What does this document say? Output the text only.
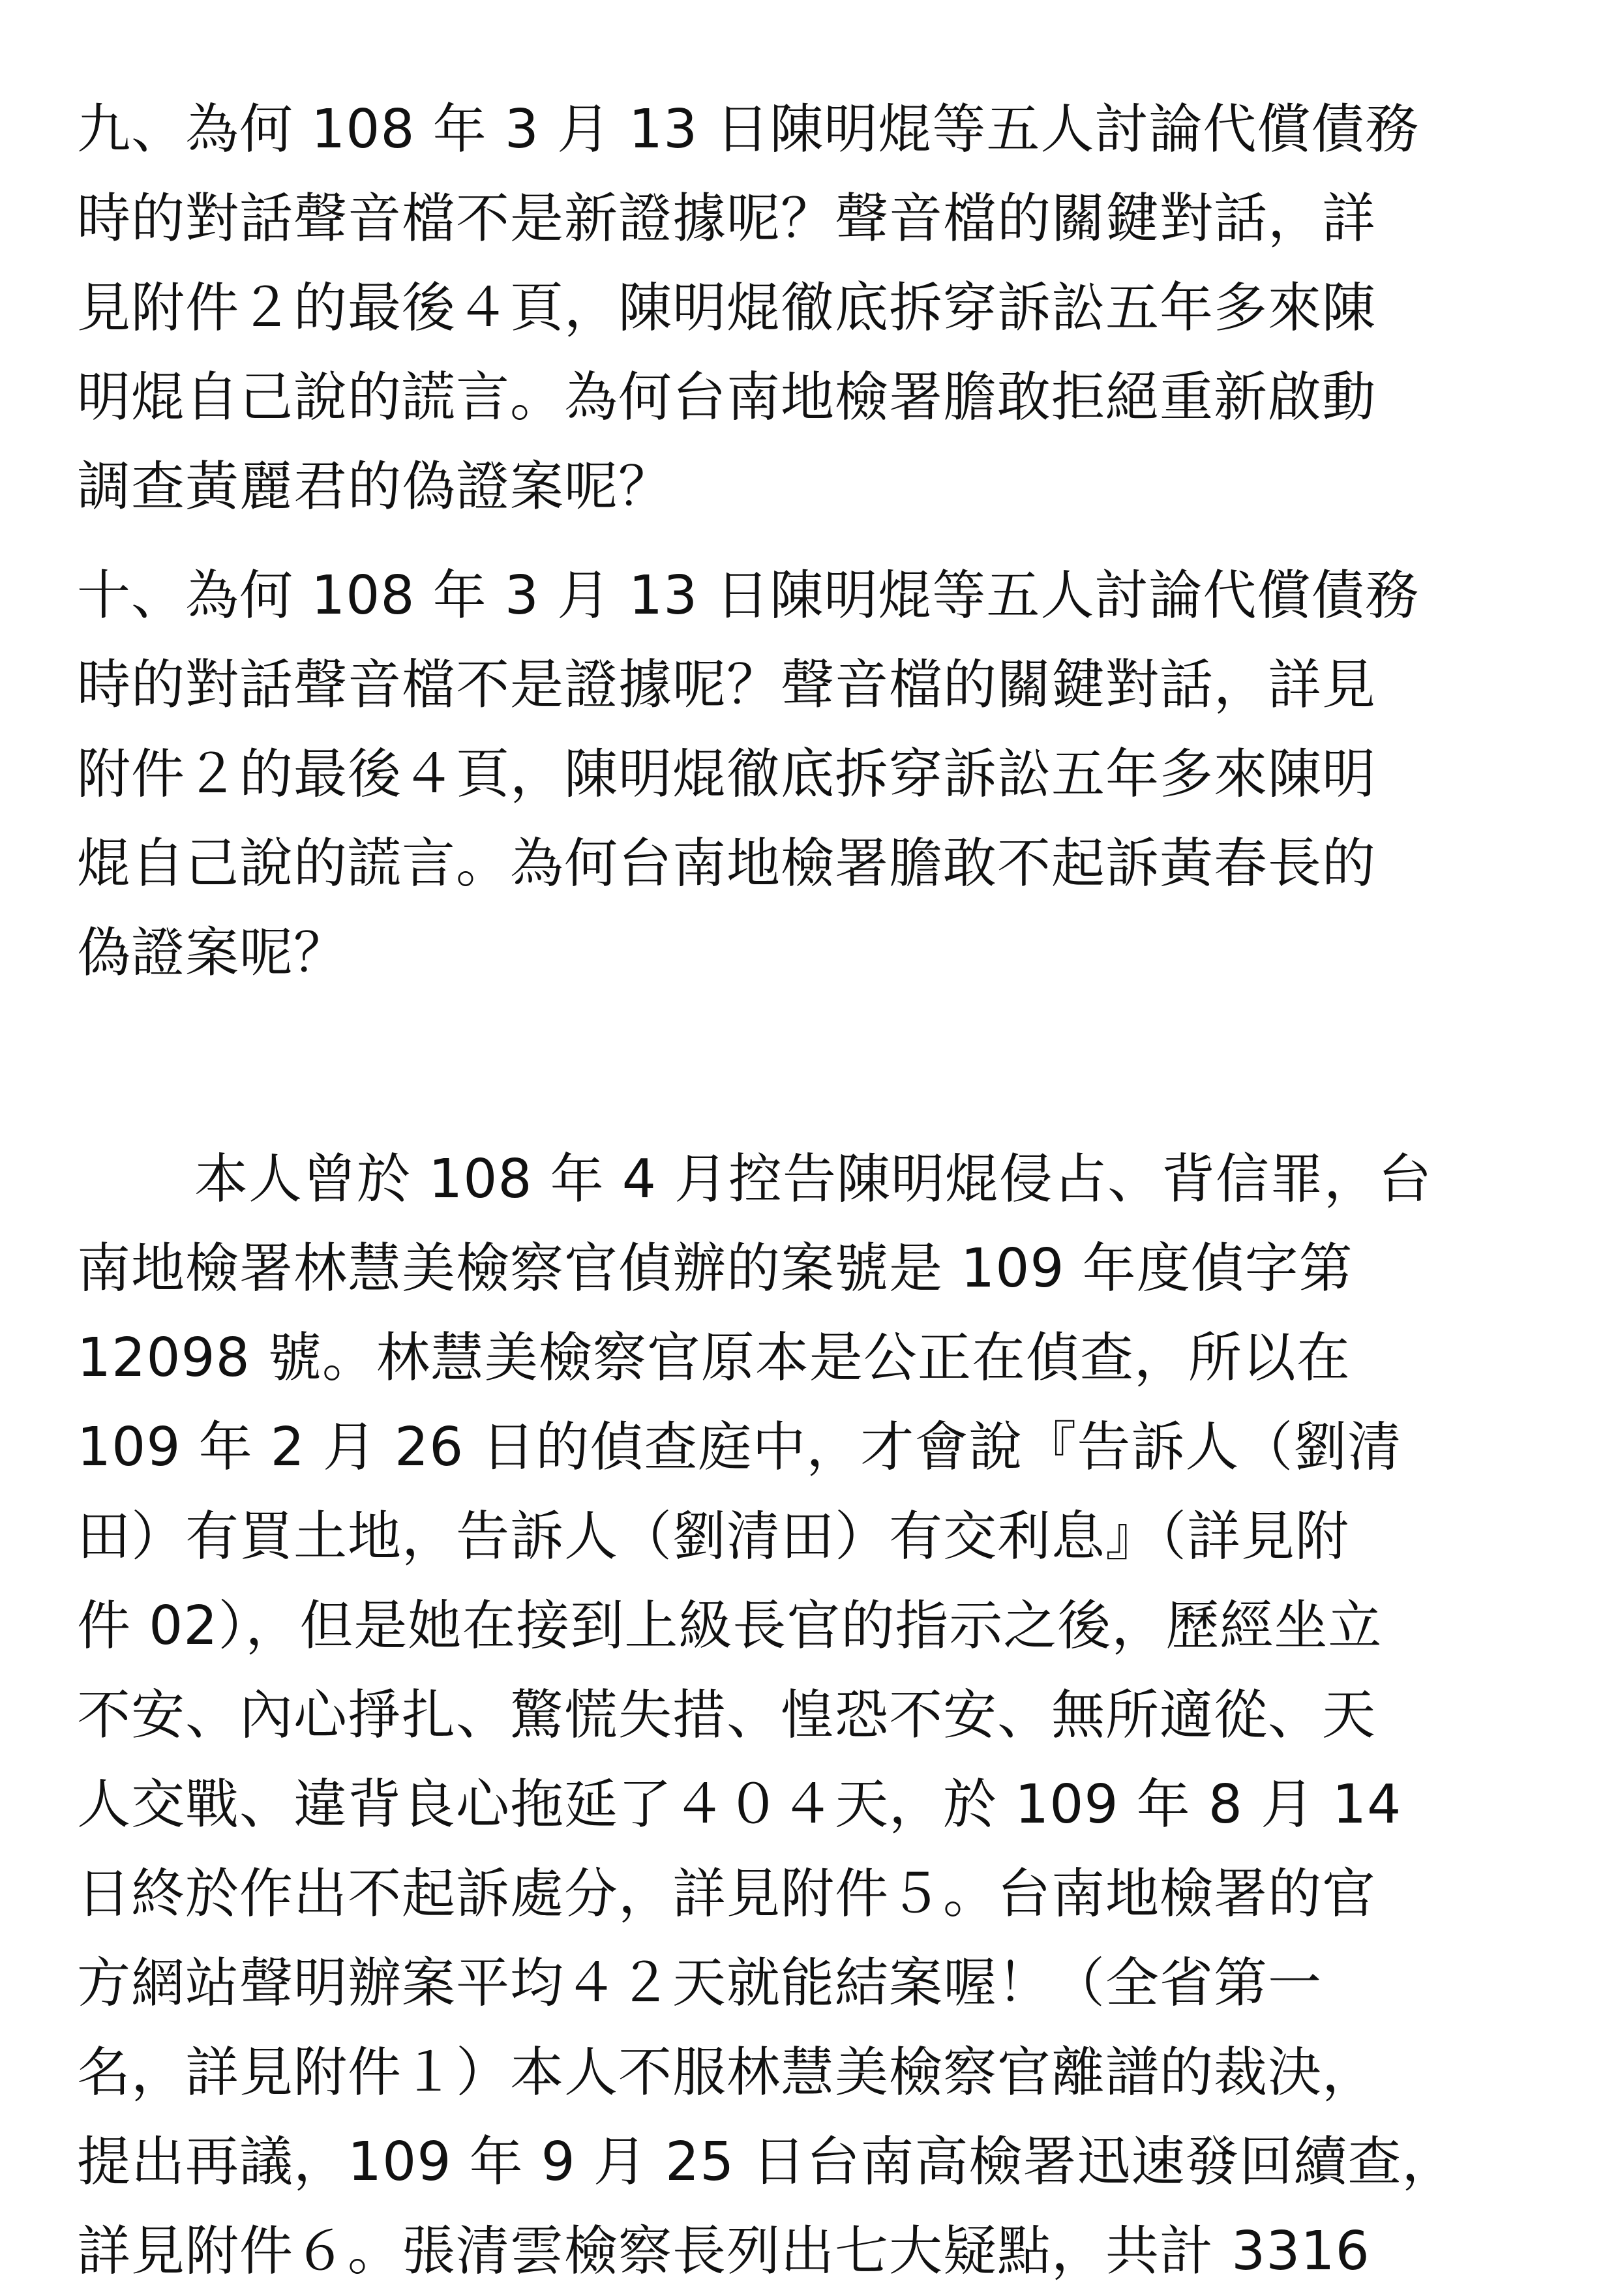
九、為何 108 年 3 月 13 日陳明焜等五人討論代償債務
時的對話聲音檔不是新證據呢？聲音檔的關鍵對話，詳
見附件２的最後４頁，陳明焜徹底拆穿訴訟五年多來陳
明焜自己說的謊言。為何台南地檢署膽敢拒絕重新啟動
調查黃麗君的偽證案呢？

十、為何 108 年 3 月 13 日陳明焜等五人討論代償債務
時的對話聲音檔不是證據呢？聲音檔的關鍵對話，詳見
附件２的最後４頁，陳明焜徹底拆穿訴訟五年多來陳明
焜自己說的謊言。為何台南地檢署膽敢不起訴黃春長的
偽證案呢？

本人曾於 108 年 4 月控告陳明焜侵占、背信罪，台
南地檢署林慧美檢察官偵辦的案號是 109 年度偵字第
12098 號。林慧美檢察官原本是公正在偵查，所以在
109 年 2 月 26 日的偵查庭中，才會說『告訴人（劉清
田）有買土地，告訴人（劉清田）有交利息』（詳見附
件 02），但是她在接到上級長官的指示之後，歷經坐立
不安、內心掙扎、驚慌失措、惶恐不安、無所適從、天
人交戰、違背良心拖延了４０４天，於 109 年 8 月 14
日終於作出不起訴處分，詳見附件５。台南地檢署的官
方網站聲明辦案平均４２天就能結案喔！（全省第一
名，詳見附件１）本人不服林慧美檢察官離譜的裁決，
提出再議，109 年 9 月 25 日台南高檢署迅速發回續查，
詳見附件６。張清雲檢察長列出七大疑點，共計 3316
